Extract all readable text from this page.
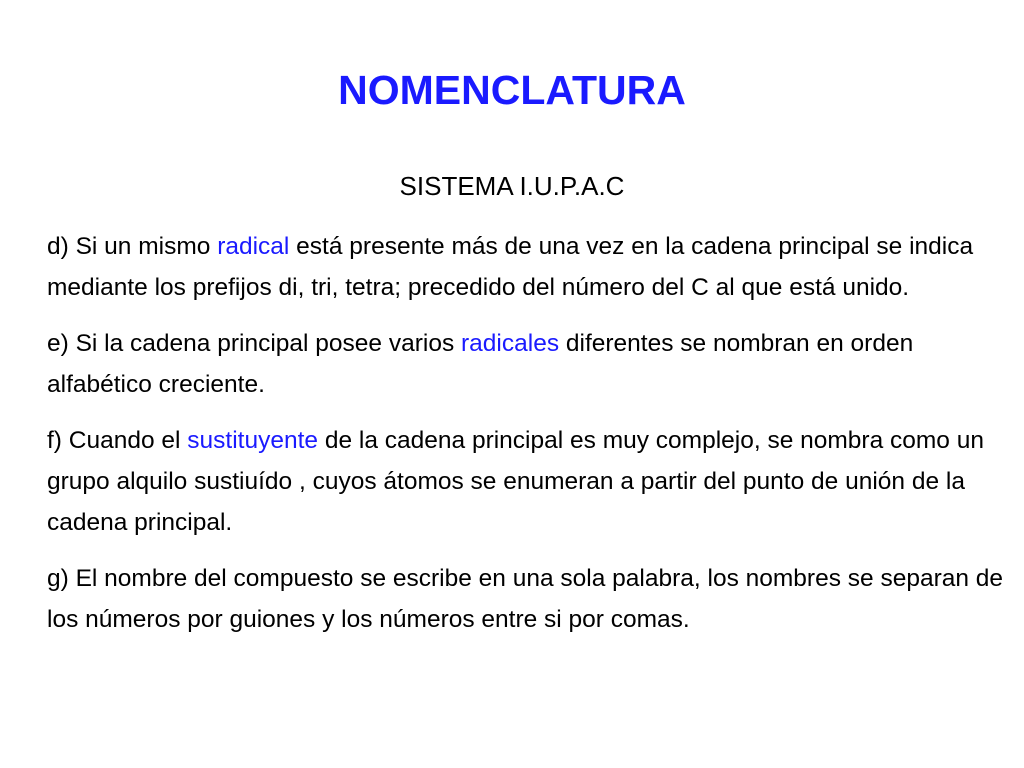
NOMENCLATURA

SISTEMA I.U.P.A.C

d) Si un mismo radical está presente más de una vez en la cadena principal se indica mediante los prefijos di, tri, tetra; precedido del número del C al que está unido.

e) Si la cadena principal posee varios radicales diferentes se nombran en orden alfabético creciente.

f) Cuando el sustituyente de la cadena principal es muy complejo, se nombra como un grupo alquilo sustiuído , cuyos átomos se enumeran a partir del punto de unión de la cadena principal.

g) El nombre del compuesto se escribe en una sola palabra, los nombres se separan de los números por guiones y los números entre si por comas.
